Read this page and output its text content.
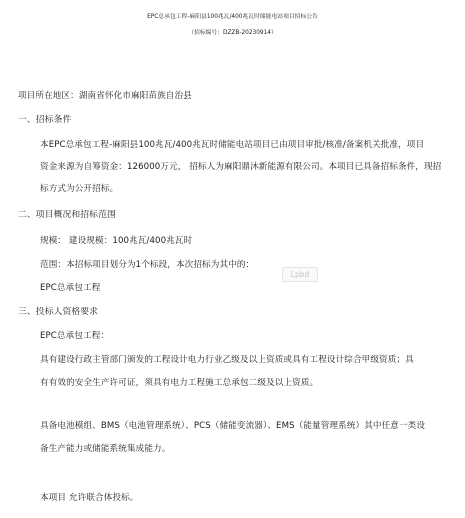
EPC总承包工程-麻阳县100兆瓦/400兆瓦时储能电站项目招标公告
（招标编号：DZZB-20230914）
项目所在地区：湖南省怀化市麻阳苗族自治县
一、招标条件
本EPC总承包工程-麻阳县100兆瓦/400兆瓦时储能电站项目已由项目审批/核准/备案机关批准，项目
资金来源为自筹资金：126000万元， 招标人为麻阳鼎沐新能源有限公司。本项目已具备招标条件，现招
标方式为公开招标。
二、项目概况和招标范围
规模： 建设规模：100兆瓦/400兆瓦时
范围：本招标项目划分为1个标段，本次招标为其中的：
EPC总承包工程
三、投标人资格要求
EPC总承包工程：
具有建设行政主管部门颁发的工程设计电力行业乙级及以上资质或具有工程设计综合甲级资质；具
有有效的安全生产许可证，须具有电力工程施工总承包二级及以上资质。
具备电池模组、BMS（电池管理系统）、PCS（储能变流器）、EMS（能量管理系统）其中任意一类设
备生产能力或储能系统集成能力。
本项目 允许联合体投标。
Lpbd
